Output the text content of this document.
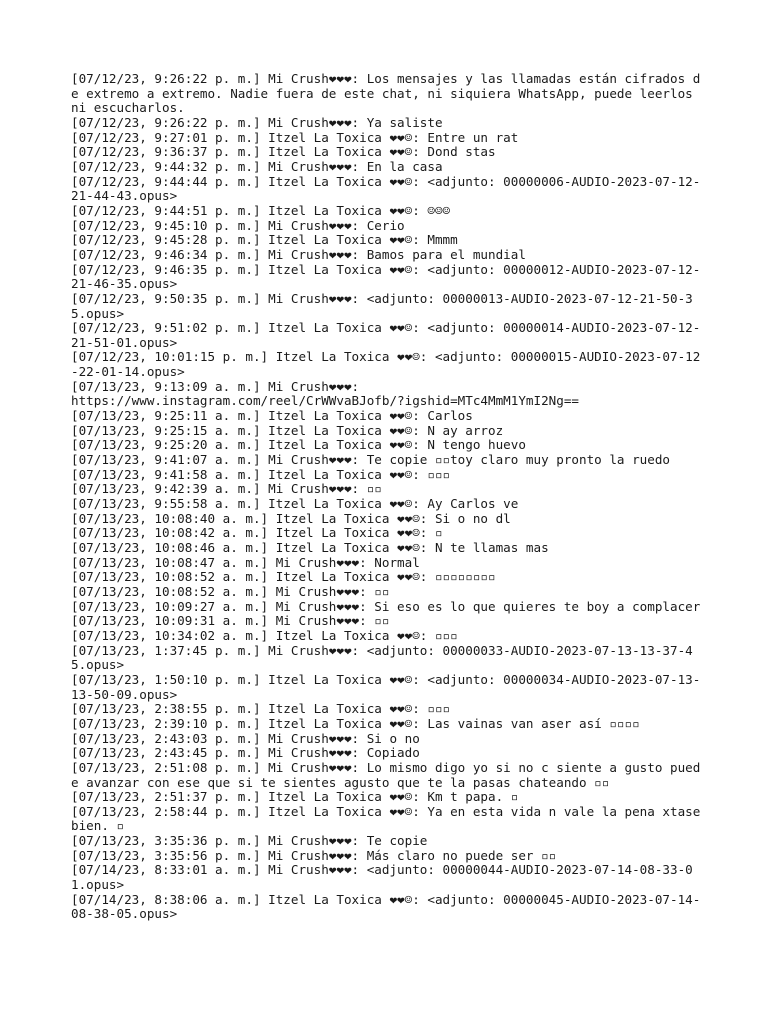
[07/12/23, 9:26:22 p. m.] Mi Crush❤❤❤: Los mensajes y las llamadas están cifrados de extremo a extremo. Nadie fuera de este chat, ni siquiera WhatsApp, puede leerlos ni escucharlos.
[07/12/23, 9:26:22 p. m.] Mi Crush❤❤❤: Ya saliste
[07/12/23, 9:27:01 p. m.] Itzel La Toxica ❤❤☺: Entre un rat
[07/12/23, 9:36:37 p. m.] Itzel La Toxica ❤❤☺: Dond stas
[07/12/23, 9:44:32 p. m.] Mi Crush❤❤❤: En la casa
[07/12/23, 9:44:44 p. m.] Itzel La Toxica ❤❤☺: <adjunto: 00000006-AUDIO-2023-07-12-21-44-43.opus>
[07/12/23, 9:44:51 p. m.] Itzel La Toxica ❤❤☺: ☺☺☺
[07/12/23, 9:45:10 p. m.] Mi Crush❤❤❤: Cerio
[07/12/23, 9:45:28 p. m.] Itzel La Toxica ❤❤☺: Mmmm
[07/12/23, 9:46:34 p. m.] Mi Crush❤❤❤: Bamos para el mundial
[07/12/23, 9:46:35 p. m.] Itzel La Toxica ❤❤☺: <adjunto: 00000012-AUDIO-2023-07-12-21-46-35.opus>
[07/12/23, 9:50:35 p. m.] Mi Crush❤❤❤: <adjunto: 00000013-AUDIO-2023-07-12-21-50-35.opus>
[07/12/23, 9:51:02 p. m.] Itzel La Toxica ❤❤☺: <adjunto: 00000014-AUDIO-2023-07-12-21-51-01.opus>
[07/12/23, 10:01:15 p. m.] Itzel La Toxica ❤❤☺: <adjunto: 00000015-AUDIO-2023-07-12-22-01-14.opus>
[07/13/23, 9:13:09 a. m.] Mi Crush❤❤❤:
https://www.instagram.com/reel/CrWWvaBJofb/?igshid=MTc4MmM1YmI2Ng==
[07/13/23, 9:25:11 a. m.] Itzel La Toxica ❤❤☺: Carlos
[07/13/23, 9:25:15 a. m.] Itzel La Toxica ❤❤☺: N ay arroz
[07/13/23, 9:25:20 a. m.] Itzel La Toxica ❤❤☺: N tengo huevo
[07/13/23, 9:41:07 a. m.] Mi Crush❤❤❤: Te copie ▫▫toy claro muy pronto la ruedo
[07/13/23, 9:41:58 a. m.] Itzel La Toxica ❤❤☺: ▫▫▫
[07/13/23, 9:42:39 a. m.] Mi Crush❤❤❤: ▫▫
[07/13/23, 9:55:58 a. m.] Itzel La Toxica ❤❤☺: Ay Carlos ve
[07/13/23, 10:08:40 a. m.] Itzel La Toxica ❤❤☺: Si o no dl
[07/13/23, 10:08:42 a. m.] Itzel La Toxica ❤❤☺: ▫
[07/13/23, 10:08:46 a. m.] Itzel La Toxica ❤❤☺: N te llamas mas
[07/13/23, 10:08:47 a. m.] Mi Crush❤❤❤: Normal
[07/13/23, 10:08:52 a. m.] Itzel La Toxica ❤❤☺: ▫▫▫▫▫▫▫▫
[07/13/23, 10:08:52 a. m.] Mi Crush❤❤❤: ▫▫
[07/13/23, 10:09:27 a. m.] Mi Crush❤❤❤: Si eso es lo que quieres te boy a complacer
[07/13/23, 10:09:31 a. m.] Mi Crush❤❤❤: ▫▫
[07/13/23, 10:34:02 a. m.] Itzel La Toxica ❤❤☺: ▫▫▫
[07/13/23, 1:37:45 p. m.] Mi Crush❤❤❤: <adjunto: 00000033-AUDIO-2023-07-13-13-37-45.opus>
[07/13/23, 1:50:10 p. m.] Itzel La Toxica ❤❤☺: <adjunto: 00000034-AUDIO-2023-07-13-13-50-09.opus>
[07/13/23, 2:38:55 p. m.] Itzel La Toxica ❤❤☺: ▫▫▫
[07/13/23, 2:39:10 p. m.] Itzel La Toxica ❤❤☺: Las vainas van aser así ▫▫▫▫
[07/13/23, 2:43:03 p. m.] Mi Crush❤❤❤: Si o no
[07/13/23, 2:43:45 p. m.] Mi Crush❤❤❤: Copiado
[07/13/23, 2:51:08 p. m.] Mi Crush❤❤❤: Lo mismo digo yo si no c siente a gusto puede avanzar con ese que si te sientes agusto que te la pasas chateando ▫▫
[07/13/23, 2:51:37 p. m.] Itzel La Toxica ❤❤☺: Km t papa. ▫
[07/13/23, 2:58:44 p. m.] Itzel La Toxica ❤❤☺: Ya en esta vida n vale la pena xtase bien. ▫
[07/13/23, 3:35:36 p. m.] Mi Crush❤❤❤: Te copie
[07/13/23, 3:35:56 p. m.] Mi Crush❤❤❤: Más claro no puede ser ▫▫
[07/14/23, 8:33:01 a. m.] Mi Crush❤❤❤: <adjunto: 00000044-AUDIO-2023-07-14-08-33-01.opus>
[07/14/23, 8:38:06 a. m.] Itzel La Toxica ❤❤☺: <adjunto: 00000045-AUDIO-2023-07-14-08-38-05.opus>
